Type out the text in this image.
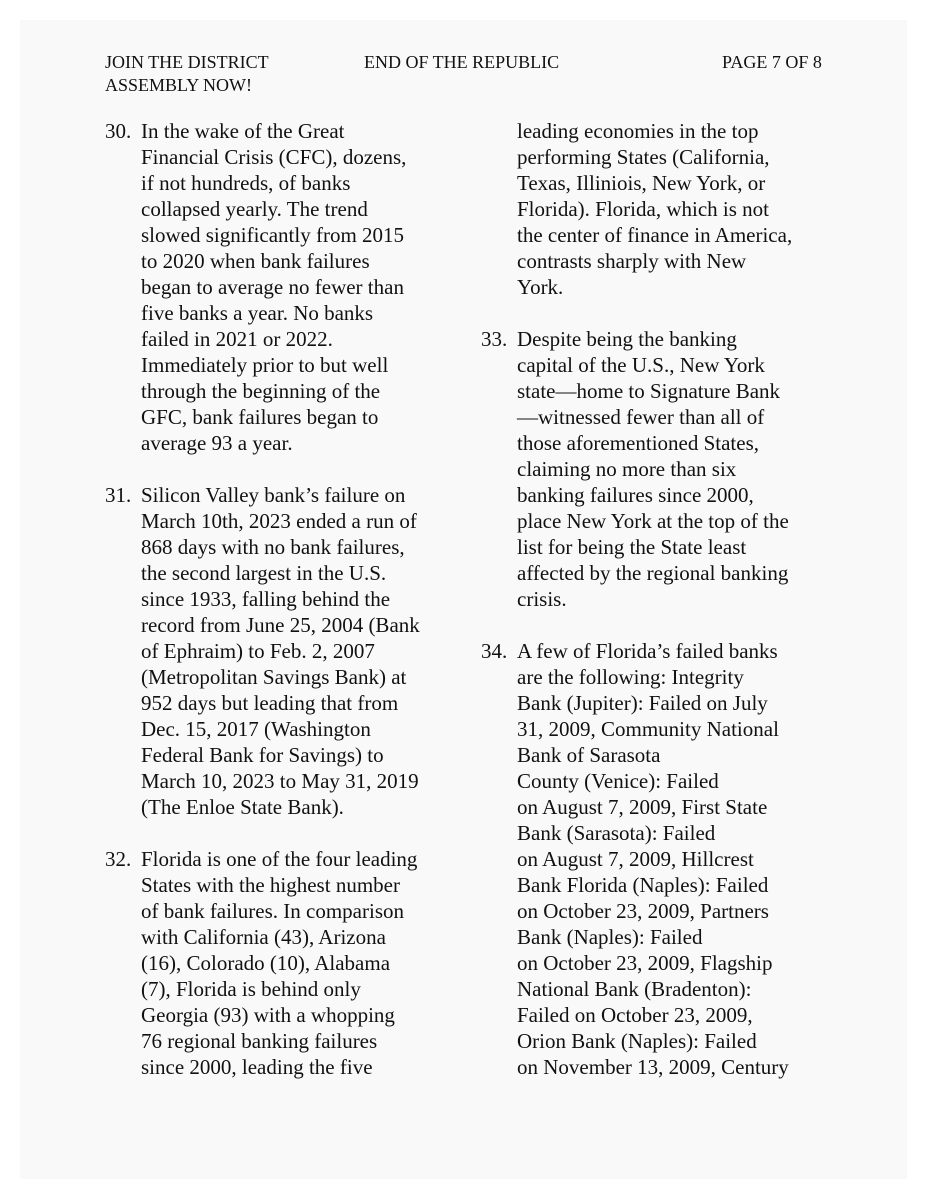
JOIN THE DISTRICT
ASSEMBLY NOW!
END OF THE REPUBLIC	PAGE 7 OF 8
30. In the wake of the Great
Financial Crisis (CFC), dozens,
if not hundreds, of banks
collapsed yearly. The trend
slowed significantly from 2015
to 2020 when bank failures
began to average no fewer than
five banks a year. No banks
failed in 2021 or 2022.
Immediately prior to but well
through the beginning of the
GFC, bank failures began to
average 93 a year.
31. Silicon Valley bank’s failure on
March 10th, 2023 ended a run of
868 days with no bank failures,
the second largest in the U.S.
since 1933, falling behind the
record from June 25, 2004 (Bank
of Ephraim) to Feb. 2, 2007
(Metropolitan Savings Bank) at
952 days but leading that from
Dec. 15, 2017 (Washington
Federal Bank for Savings) to
March 10, 2023 to May 31, 2019
(The Enloe State Bank).
32. Florida is one of the four leading
States with the highest number
of bank failures. In comparison
with California (43), Arizona
(16), Colorado (10), Alabama
(7), Florida is behind only
Georgia (93) with a whopping
76 regional banking failures
since 2000, leading the five
leading economies in the top
performing States (California,
Texas, Illiniois, New York, or
Florida). Florida, which is not
the center of finance in America,
contrasts sharply with New
York.
33. Despite being the banking
capital of the U.S., New York
state—home to Signature Bank
—witnessed fewer than all of
those aforementioned States,
claiming no more than six
banking failures since 2000,
place New York at the top of the
list for being the State least
affected by the regional banking
crisis.
34. A few of Florida’s failed banks
are the following: Integrity
Bank (Jupiter): Failed on July
31, 2009, Community National
Bank of Sarasota
County (Venice): Failed
on August 7, 2009, First State
Bank (Sarasota): Failed
on August 7, 2009, Hillcrest
Bank Florida (Naples): Failed
on October 23, 2009, Partners
Bank (Naples): Failed
on October 23, 2009, Flagship
National Bank (Bradenton):
Failed on October 23, 2009,
Orion Bank (Naples): Failed
on November 13, 2009, Century
